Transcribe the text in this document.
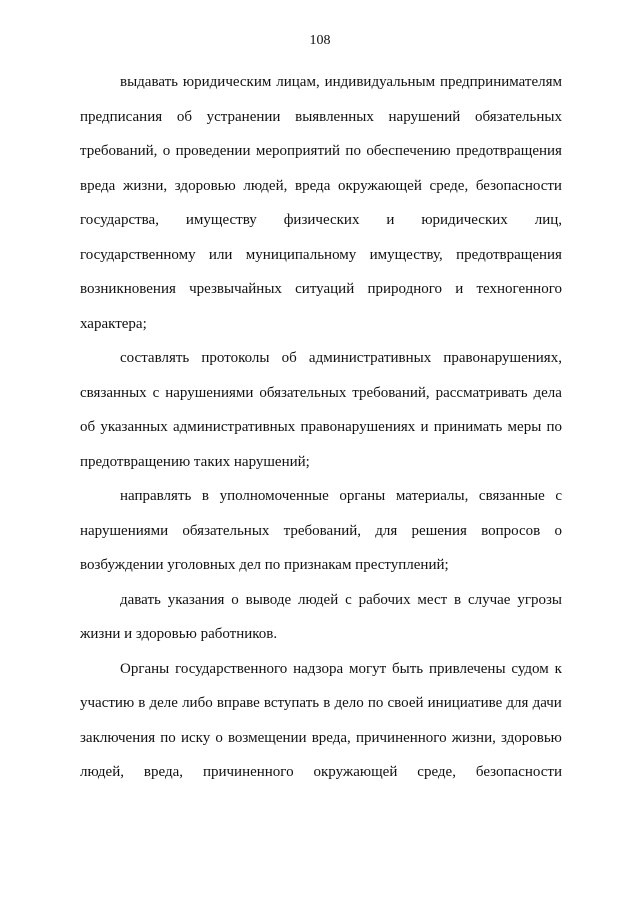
108
выдавать юридическим лицам, индивидуальным предпринимателям
предписания об устранении выявленных нарушений обязательных
требований, о проведении мероприятий по обеспечению предотвращения
вреда жизни, здоровью людей, вреда окружающей среде, безопасности
государства, имуществу физических и юридических лиц,
государственному или муниципальному имуществу, предотвращения
возникновения чрезвычайных ситуаций природного и техногенного
характера;
составлять протоколы об административных правонарушениях,
связанных с нарушениями обязательных требований, рассматривать дела
об указанных административных правонарушениях и принимать меры по
предотвращению таких нарушений;
направлять в уполномоченные органы материалы, связанные с
нарушениями обязательных требований, для решения вопросов о
возбуждении уголовных дел по признакам преступлений;
давать указания о выводе людей с рабочих мест в случае угрозы
жизни и здоровью работников.
Органы государственного надзора могут быть привлечены судом к
участию в деле либо вправе вступать в дело по своей инициативе для дачи
заключения по иску о возмещении вреда, причиненного жизни, здоровью
людей, вреда, причиненного окружающей среде, безопасности
